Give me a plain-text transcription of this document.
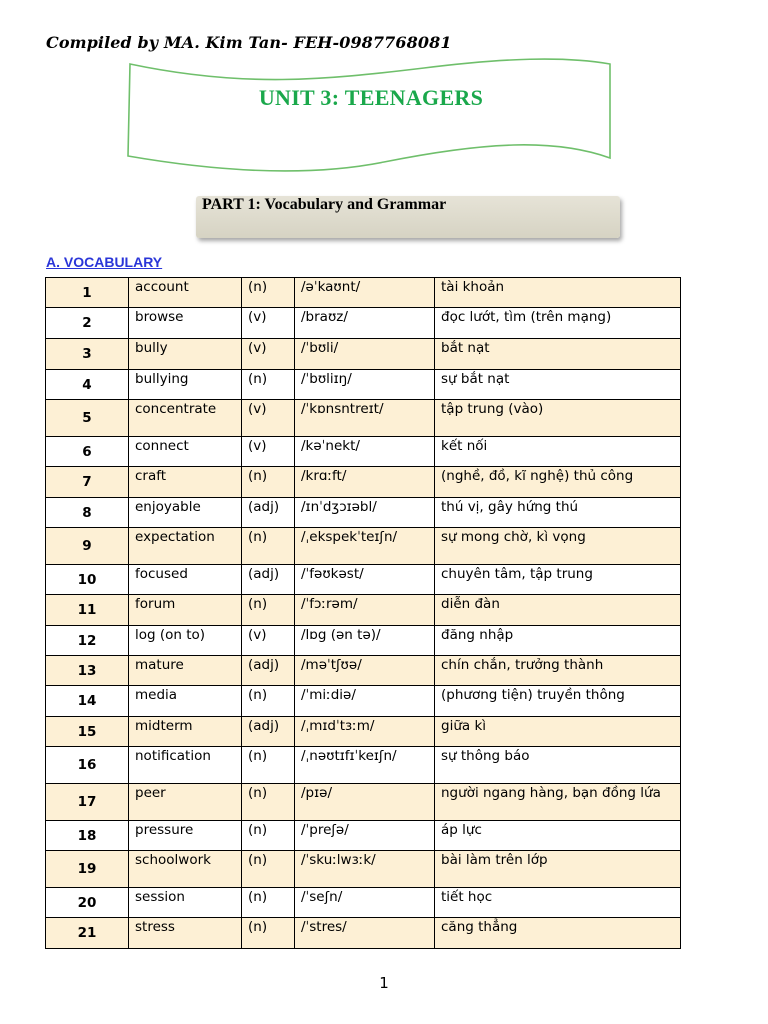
Compiled by MA. Kim Tan- FEH-0987768081
UNIT 3: TEENAGERS
PART 1: Vocabulary and Grammar
A. VOCABULARY
1	account	(n)	/əˈkaʊnt/	tài khoản
2	browse	(v)	/braʊz/	đọc lướt, tìm (trên mạng)
3	bully	(v)	/ˈbʊli/	bắt nạt
4	bullying	(n)	/ˈbʊliɪŋ/	sự bắt nạt
5	concentrate	(v)	/ˈkɒnsntreɪt/	tập trung (vào)
6	connect	(v)	/kəˈnekt/	kết nối
7	craft	(n)	/krɑːft/	(nghề, đồ, kĩ nghệ) thủ công
8	enjoyable	(adj)	/ɪnˈdʒɔɪəbl/	thú vị, gây hứng thú
9	expectation	(n)	/ˌekspekˈteɪʃn/	sự mong chờ, kì vọng
10	focused	(adj)	/ˈfəʊkəst/	chuyên tâm, tập trung
11	forum	(n)	/ˈfɔːrəm/	diễn đàn
12	log (on to)	(v)	/lɒg (ən tə)/	đăng nhập
13	mature	(adj)	/məˈtʃʊə/	chín chắn, trưởng thành
14	media	(n)	/ˈmiːdiə/	(phương tiện) truyền thông
15	midterm	(adj)	/ˌmɪdˈtɜːm/	giữa kì
16	notification	(n)	/ˌnəʊtɪfɪˈkeɪʃn/	sự thông báo
17	peer	(n)	/pɪə/	người ngang hàng, bạn đồng lứa
18	pressure	(n)	/ˈpreʃə/	áp lực
19	schoolwork	(n)	/ˈskuːlwɜːk/	bài làm trên lớp
20	session	(n)	/ˈseʃn/	tiết học
21	stress	(n)	/ˈstres/	căng thẳng
1
